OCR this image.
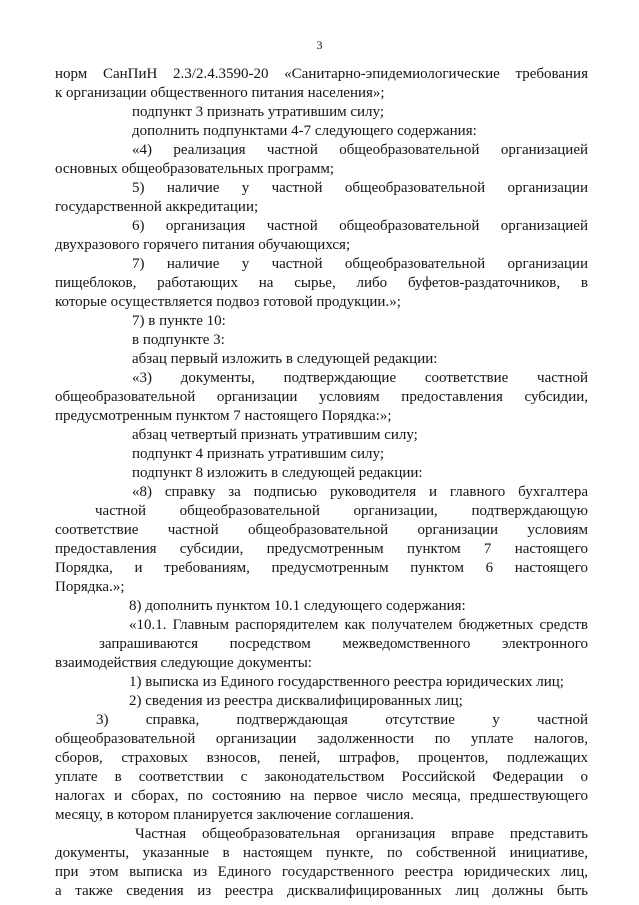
3
норм СанПиН 2.3/2.4.3590-20 «Санитарно-эпидемиологические требования
к организации общественного питания населения»;
подпункт 3 признать утратившим силу;
дополнить подпунктами 4-7 следующего содержания:
«4) реализация частной общеобразовательной организацией
основных общеобразовательных программ;
5) наличие у частной общеобразовательной организации
государственной аккредитации;
6) организация частной общеобразовательной организацией
двухразового горячего питания обучающихся;
7) наличие у частной общеобразовательной организации
пищеблоков, работающих на сырье, либо буфетов-раздаточников, в
которые осуществляется подвоз готовой продукции.»;
7) в пункте 10:
в подпункте 3:
абзац первый изложить в следующей редакции:
«3) документы, подтверждающие соответствие частной
общеобразовательной организации условиям предоставления субсидии,
предусмотренным пунктом 7 настоящего Порядка:»;
абзац четвертый признать утратившим силу;
подпункт 4 признать утратившим силу;
подпункт 8 изложить в следующей редакции:
«8) справку за подписью руководителя и главного бухгалтера
частной общеобразовательной организации, подтверждающую
соответствие частной общеобразовательной организации условиям
предоставления субсидии, предусмотренным пунктом 7 настоящего
Порядка, и требованиям, предусмотренным пунктом 6 настоящего
Порядка.»;
8) дополнить пунктом 10.1 следующего содержания:
«10.1. Главным распорядителем как получателем бюджетных средств
запрашиваются посредством межведомственного электронного
взаимодействия следующие документы:
1) выписка из Единого государственного реестра юридических лиц;
2) сведения из реестра дисквалифицированных лиц;
3) справка, подтверждающая отсутствие у частной
общеобразовательной организации задолженности по уплате налогов,
сборов, страховых взносов, пеней, штрафов, процентов, подлежащих
уплате в соответствии с законодательством Российской Федерации о
налогах и сборах, по состоянию на первое число месяца, предшествующего
месяцу, в котором планируется заключение соглашения.
Частная общеобразовательная организация вправе представить
документы, указанные в настоящем пункте, по собственной инициативе,
при этом выписка из Единого государственного реестра юридических лиц,
а также сведения из реестра дисквалифицированных лиц должны быть
